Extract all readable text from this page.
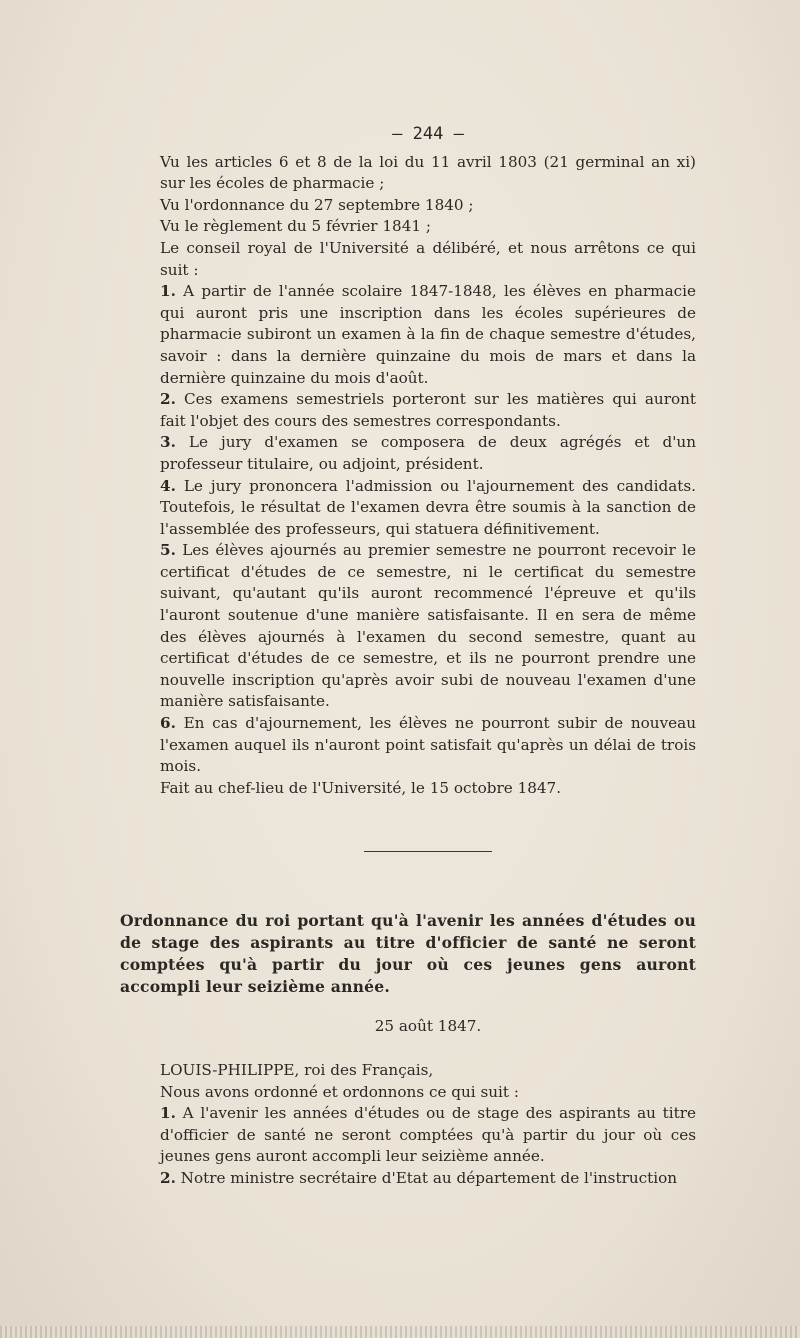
— 244 —

Vu les articles 6 et 8 de la loi du 11 avril 1803 (21 germinal an xi) sur les écoles de pharmacie ;

Vu l'ordonnance du 27 septembre 1840 ;

Vu le règlement du 5 février 1841 ;

Le conseil royal de l'Université a délibéré, et nous arrêtons ce qui suit :

1. A partir de l'année scolaire 1847-1848, les élèves en pharmacie qui auront pris une inscription dans les écoles supérieures de pharmacie subiront un examen à la fin de chaque semestre d'études, savoir : dans la dernière quinzaine du mois de mars et dans la dernière quinzaine du mois d'août.

2. Ces examens semestriels porteront sur les matières qui auront fait l'objet des cours des semestres correspondants.

3. Le jury d'examen se composera de deux agrégés et d'un professeur titulaire, ou adjoint, président.

4. Le jury prononcera l'admission ou l'ajournement des candidats. Toutefois, le résultat de l'examen devra être soumis à la sanction de l'assemblée des professeurs, qui statuera définitivement.

5. Les élèves ajournés au premier semestre ne pourront recevoir le certificat d'études de ce semestre, ni le certificat du semestre suivant, qu'autant qu'ils auront recommencé l'épreuve et qu'ils l'auront soutenue d'une manière satisfaisante. Il en sera de même des élèves ajournés à l'examen du second semestre, quant au certificat d'études de ce semestre, et ils ne pourront prendre une nouvelle inscription qu'après avoir subi de nouveau l'examen d'une manière satisfaisante.

6. En cas d'ajournement, les élèves ne pourront subir de nouveau l'examen auquel ils n'auront point satisfait qu'après un délai de trois mois.

Fait au chef-lieu de l'Université, le 15 octobre 1847.

Ordonnance du roi portant qu'à l'avenir les années d'études ou de stage des aspirants au titre d'officier de santé ne seront comptées qu'à partir du jour où ces jeunes gens auront accompli leur seizième année.

25 août 1847.

LOUIS-PHILIPPE, roi des Français,

Nous avons ordonné et ordonnons ce qui suit :

1. A l'avenir les années d'études ou de stage des aspirants au titre d'officier de santé ne seront comptées qu'à partir du jour où ces jeunes gens auront accompli leur seizième année.

2. Notre ministre secrétaire d'Etat au département de l'instruction
